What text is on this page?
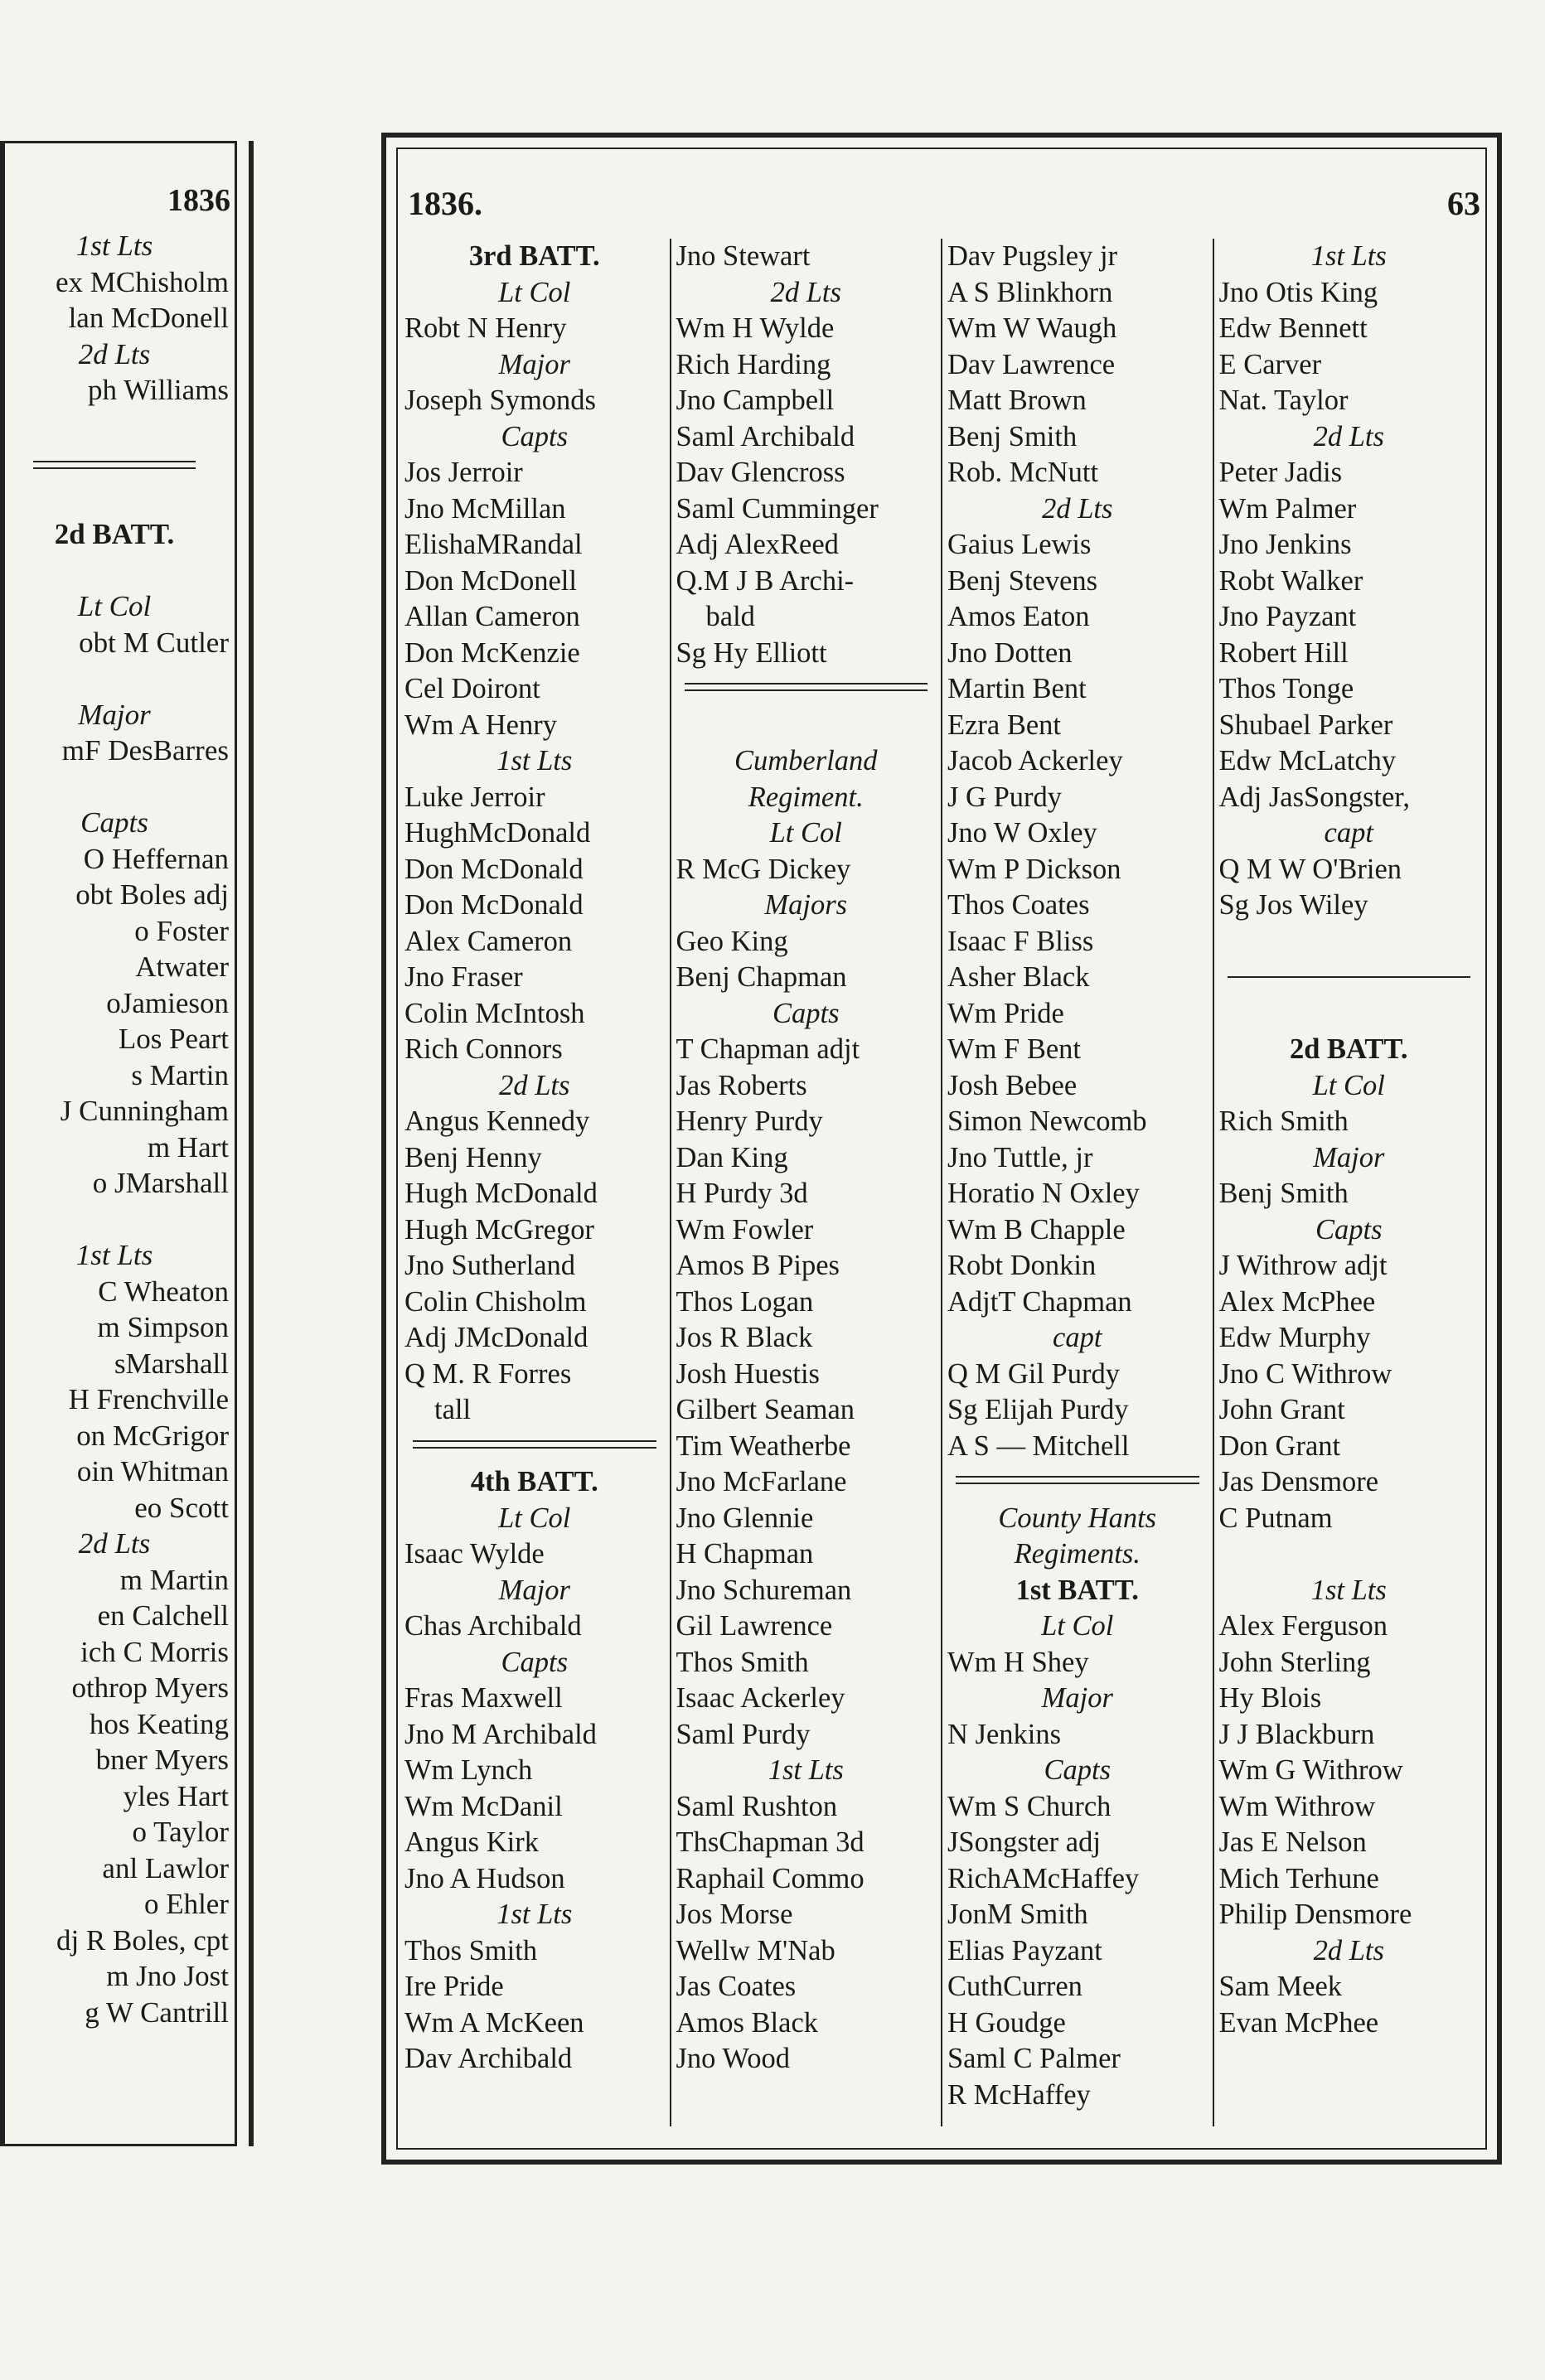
1836
1st Lts
ex MChisholm
lan McDonell
2d Lts
ph Williams
2d BATT.
Lt Col
obt M Cutler
Major
mF DesBarres
Capts
O Heffernan
obt Boles adj
o Foster
Atwater
oJamieson
Los Peart
s Martin
J Cunningham
m Hart
o JMarshall
1st Lts
C Wheaton
m Simpson
sMarshall
H Frenchville
on McGrigor
oin Whitman
eo Scott
2d Lts
m Martin
en Calchell
ich C Morris
othrop Myers
hos Keating
bner Myers
yles Hart
o Taylor
anl Lawlor
o Ehler
dj R Boles, cpt
m Jno Jost
g W Cantrill
1836.	63
3rd BATT.
Lt Col
Robt N Henry
Major
Joseph Symonds
Capts
Jos Jerroir
Jno McMillan
ElishaMRandal
Don McDonell
Allan Cameron
Don McKenzie
Cel Doiront
Wm A Henry
1st Lts
Luke Jerroir
HughMcDonald
Don McDonald
Don McDonald
Alex Cameron
Jno Fraser
Colin McIntosh
Rich Connors
2d Lts
Angus Kennedy
Benj Henny
Hugh McDonald
Hugh McGregor
Jno Sutherland
Colin Chisholm
Adj JMcDonald
Q M. R Forres
tall
4th BATT.
Lt Col
Isaac Wylde
Major
Chas Archibald
Capts
Fras Maxwell
Jno M Archibald
Wm Lynch
Wm McDanil
Angus Kirk
Jno A Hudson
1st Lts
Thos Smith
Ire Pride
Wm A McKeen
Dav Archibald
Jno Stewart
2d Lts
Wm H Wylde
Rich Harding
Jno Campbell
Saml Archibald
Dav Glencross
Saml Cumminger
Adj AlexReed
Q.M J B Archi-
bald
Sg Hy Elliott
Cumberland
Regiment.
Lt Col
R McG Dickey
Majors
Geo King
Benj Chapman
Capts
T Chapman adjt
Jas Roberts
Henry Purdy
Dan King
H Purdy 3d
Wm Fowler
Amos B Pipes
Thos Logan
Jos R Black
Josh Huestis
Gilbert Seaman
Tim Weatherbe
Jno McFarlane
Jno Glennie
H Chapman
Jno Schureman
Gil Lawrence
Thos Smith
Isaac Ackerley
Saml Purdy
1st Lts
Saml Rushton
ThsChapman 3d
Raphail Commo
Jos Morse
Wellw M'Nab
Jas Coates
Amos Black
Jno Wood
Dav Pugsley jr
A S Blinkhorn
Wm W Waugh
Dav Lawrence
Matt Brown
Benj Smith
Rob. McNutt
2d Lts
Gaius Lewis
Benj Stevens
Amos Eaton
Jno Dotten
Martin Bent
Ezra Bent
Jacob Ackerley
J G Purdy
Jno W Oxley
Wm P Dickson
Thos Coates
Isaac F Bliss
Asher Black
Wm Pride
Wm F Bent
Josh Bebee
Simon Newcomb
Jno Tuttle, jr
Horatio N Oxley
Wm B Chapple
Robt Donkin
AdjtT Chapman
capt
Q M Gil Purdy
Sg Elijah Purdy
A S — Mitchell
County Hants
Regiments.
1st BATT.
Lt Col
Wm H Shey
Major
N Jenkins
Capts
Wm S Church
JSongster adj
RichAMcHaffey
JonM Smith
Elias Payzant
CuthCurren
H Goudge
Saml C Palmer
R McHaffey
1st Lts
Jno Otis King
Edw Bennett
E Carver
Nat. Taylor
2d Lts
Peter Jadis
Wm Palmer
Jno Jenkins
Robt Walker
Jno Payzant
Robert Hill
Thos Tonge
Shubael Parker
Edw McLatchy
Adj JasSongster,
capt
Q M W O'Brien
Sg Jos Wiley
2d BATT.
Lt Col
Rich Smith
Major
Benj Smith
Capts
J Withrow adjt
Alex McPhee
Edw Murphy
Jno C Withrow
John Grant
Don Grant
Jas Densmore
C Putnam
1st Lts
Alex Ferguson
John Sterling
Hy Blois
J J Blackburn
Wm G Withrow
Wm Withrow
Jas E Nelson
Mich Terhune
Philip Densmore
2d Lts
Sam Meek
Evan McPhee
